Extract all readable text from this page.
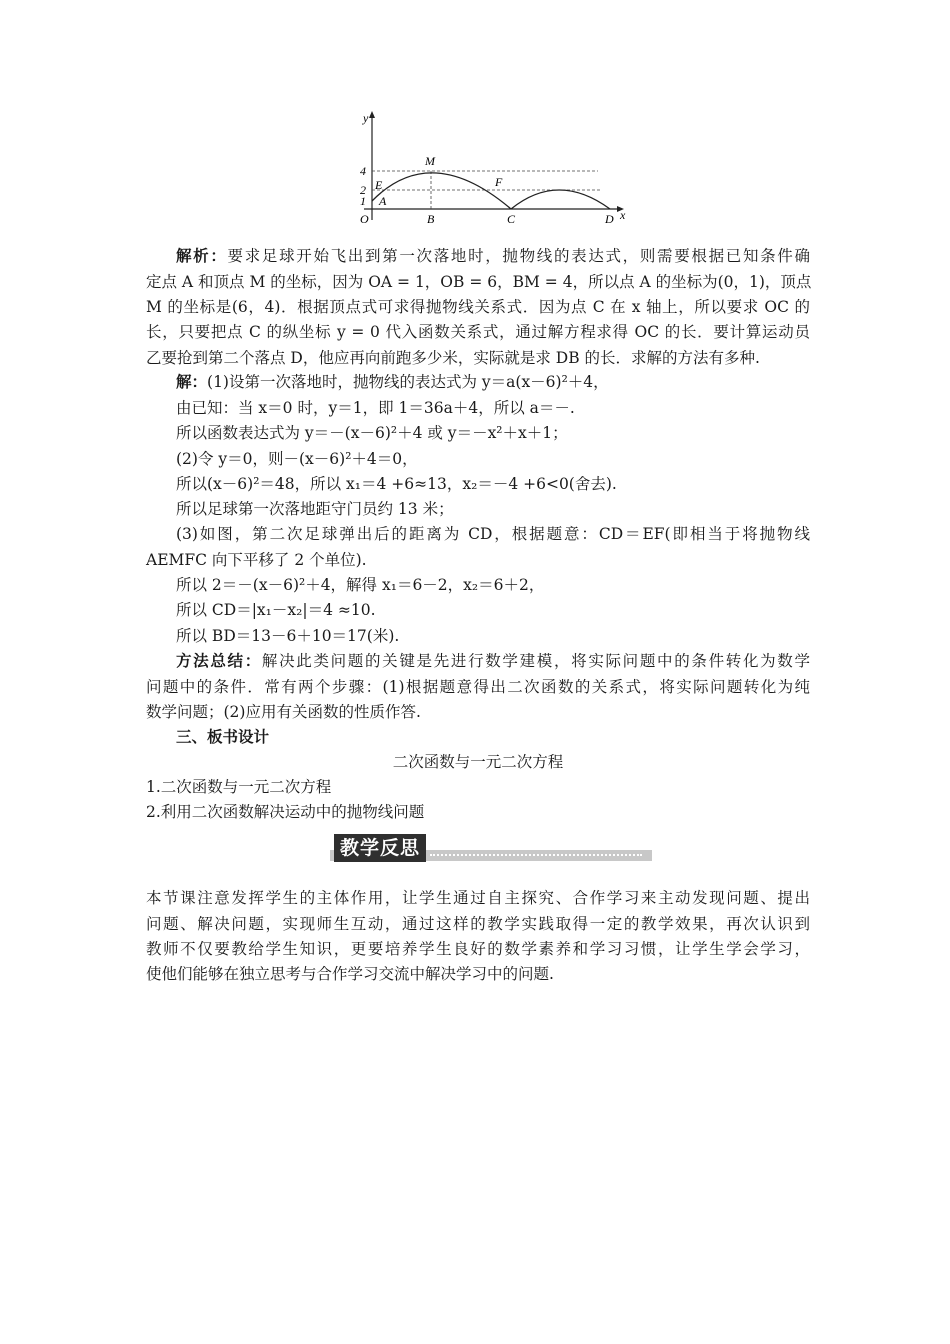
4
2
1
y
x
O
A
E
M
F
B	C	D
解析：要求足球开始飞出到第一次落地时，抛物线的表达式，则需要根据已知条件确
定点 A 和顶点 M 的坐标，因为 OA = 1，OB = 6，BM = 4，所以点 A 的坐标为(0，1)，顶点
M 的坐标是(6，4)．根据顶点式可求得抛物线关系式．因为点 C 在 x 轴上，所以要求 OC 的
长，只要把点 C 的纵坐标 y = 0 代入函数关系式，通过解方程求得 OC 的长．要计算运动员
乙要抢到第二个落点 D，他应再向前跑多少米，实际就是求 DB 的长．求解的方法有多种.
解：(1)设第一次落地时，抛物线的表达式为 y＝a(x－6)²＋4，
由已知：当 x＝0 时，y＝1，即 1＝36a＋4，所以 a＝－.
所以函数表达式为 y＝－(x－6)²＋4 或 y＝－x²＋x＋1；
(2)令 y＝0，则－(x－6)²＋4＝0，
所以(x－6)²＝48，所以 x₁＝4 +6≈13，x₂＝－4 +6<0(舍去).
所以足球第一次落地距守门员约 13 米；
(3)如图，第二次足球弹出后的距离为 CD，根据题意：CD＝EF(即相当于将抛物线
AEMFC 向下平移了 2 个单位).
所以 2＝－(x－6)²＋4，解得 x₁＝6－2，x₂＝6＋2，
所以 CD＝|x₁－x₂|＝4 ≈10.
所以 BD＝13－6＋10＝17(米).
方法总结：解决此类问题的关键是先进行数学建模，将实际问题中的条件转化为数学
问题中的条件．常有两个步骤：(1)根据题意得出二次函数的关系式，将实际问题转化为纯
数学问题；(2)应用有关函数的性质作答.
三、板书设计
二次函数与一元二次方程
1.二次函数与一元二次方程
2.利用二次函数解决运动中的抛物线问题
教学反思
本节课注意发挥学生的主体作用，让学生通过自主探究、合作学习来主动发现问题、提出
问题、解决问题，实现师生互动，通过这样的教学实践取得一定的教学效果，再次认识到
教师不仅要教给学生知识，更要培养学生良好的数学素养和学习习惯，让学生学会学习，
使他们能够在独立思考与合作学习交流中解决学习中的问题.
